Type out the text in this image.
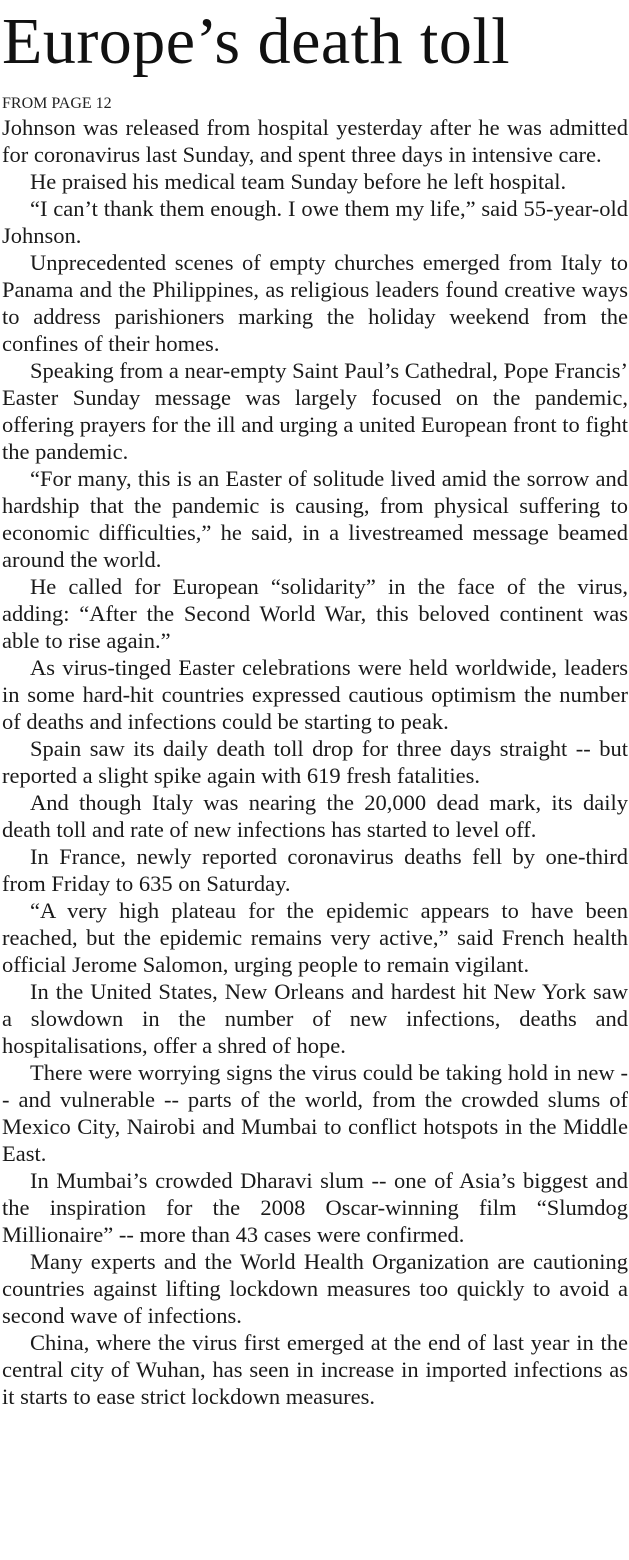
Europe’s death toll
FROM PAGE 12

Johnson was released from hospital yesterday after he was admitted for coronavirus last Sunday, and spent three days in intensive care.

He praised his medical team Sunday before he left hospital.

“I can’t thank them enough. I owe them my life,” said 55-year-old Johnson.

Unprecedented scenes of empty churches emerged from Italy to Panama and the Philippines, as religious leaders found creative ways to address parishioners marking the holiday weekend from the confines of their homes.

Speaking from a near-empty Saint Paul’s Cathedral, Pope Francis’ Easter Sunday message was largely focused on the pandemic, offering prayers for the ill and urging a united European front to fight the pandemic.

“For many, this is an Easter of solitude lived amid the sorrow and hardship that the pandemic is causing, from physical suffering to economic difficulties,” he said, in a livestreamed message beamed around the world.

He called for European “solidarity” in the face of the virus, adding: “After the Second World War, this beloved continent was able to rise again.”

As virus-tinged Easter celebrations were held worldwide, leaders in some hard-hit countries expressed cautious optimism the number of deaths and infections could be starting to peak.

Spain saw its daily death toll drop for three days straight -- but reported a slight spike again with 619 fresh fatalities.

And though Italy was nearing the 20,000 dead mark, its daily death toll and rate of new infections has started to level off.

In France, newly reported coronavirus deaths fell by one-third from Friday to 635 on Saturday.

“A very high plateau for the epidemic appears to have been reached, but the epidemic remains very active,” said French health official Jerome Salomon, urging people to remain vigilant.

In the United States, New Orleans and hardest hit New York saw a slowdown in the number of new infections, deaths and hospitalisations, offer a shred of hope.

There were worrying signs the virus could be taking hold in new -- and vulnerable -- parts of the world, from the crowded slums of Mexico City, Nairobi and Mumbai to conflict hotspots in the Middle East.

In Mumbai’s crowded Dharavi slum -- one of Asia’s biggest and the inspiration for the 2008 Oscar-winning film “Slumdog Millionaire” -- more than 43 cases were confirmed.

Many experts and the World Health Organization are cautioning countries against lifting lockdown measures too quickly to avoid a second wave of infections.

China, where the virus first emerged at the end of last year in the central city of Wuhan, has seen in increase in imported infections as it starts to ease strict lockdown measures.
